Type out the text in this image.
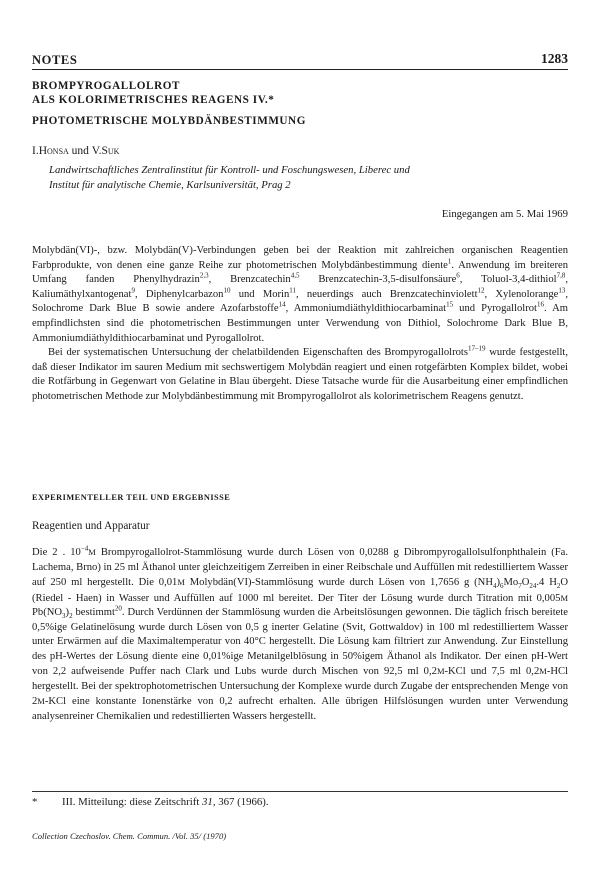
NOTES	1283
BROMPYROGALLOLROT
ALS KOLORIMETRISCHES REAGENS IV.*
PHOTOMETRISCHE MOLYBDÄNBESTIMMUNG
I.Honsa und V.Suk
Landwirtschaftliches Zentralinstitut für Kontroll- und Foschungswesen, Liberec und
Institut für analytische Chemie, Karlsuniversität, Prag 2
Eingegangen am 5. Mai 1969

Molybdän(VI)-, bzw. Molybdän(V)-Verbindungen geben bei der Reaktion mit zahlreichen organischen Reagentien Farbprodukte, von denen eine ganze Reihe zur photometrischen Molybdänbestimmung diente$^1$. Anwendung im breiteren Umfang fanden Phenylhydrazin$^{2,3}$, Brenzcatechin$^{4,5}$ Brenzcatechin-3,5-disulfonsäure$^6$, Toluol-3,4-dithiol$^{7,8}$, Kaliumäthylxantogenat$^9$, Diphenylcarbazon$^{10}$ und Morin$^{11}$, neuerdings auch Brenzcatechinviolett$^{12}$, Xylenolorange$^{13}$, Solochrome Dark Blue B sowie andere Azofarbstoffe$^{14}$, Ammoniumdiäthyldithiocarbaminat$^{15}$ und Pyrogallolrot$^{16}$. Am empfindlichsten sind die photometrischen Bestimmungen unter Verwendung von Dithiol, Solochrome Dark Blue B, Ammoniumdiäthyldithiocarbaminat und Pyrogallolrot.

Bei der systematischen Untersuchung der chelatbildenden Eigenschaften des Brompyrogallolrots$^{17-19}$ wurde festgestellt, daß dieser Indikator im sauren Medium mit sechswertigem Molybdän reagiert und einen rotgefärbten Komplex bildet, wobei die Rotfärbung in Gegenwart von Gelatine in Blau übergeht. Diese Tatsache wurde für die Ausarbeitung einer empfindlichen photometrischen Methode zur Molybdänbestimmung mit Brompyrogallolrot als kolorimetrischem Reagens genutzt.

EXPERIMENTELLER TEIL UND ERGEBNISSE
Reagentien und Apparatur

Die 2 . $10^{-4}M$ Brompyrogallolrot-Stammlösung wurde durch Lösen von 0,0288 g Dibrompyrogallolsulfonphthalein (Fa. Lachema, Brno) in 25 ml Äthanol unter gleichzeitigem Zerreiben in einer Reibschale und Auffüllen mit redestilliertem Wasser auf 250 ml hergestellt. Die 0,01M Molybdän(VI)-Stammlösung wurde durch Lösen von 1,7656 g $(NH_4)_6Mo_7O_{24}.4$ $H_2O$ (Riedel - Haen) in Wasser und Auffüllen auf 1000 ml bereitet. Der Titer der Lösung wurde durch Titration mit 0,005M $Pb(NO_3)_2$ bestimmt$^{20}$. Durch Verdünnen der Stammlösung wurden die Arbeitslösungen gewonnen. Die täglich frisch bereitete 0,5%ige Gelatinelösung wurde durch Lösen von 0,5 g inerter Gelatine (Svit, Gottwaldov) in 100 ml redestilliertem Wasser unter Erwärmen auf die Maximaltemperatur von 40°C hergestellt. Die Lösung kam filtriert zur Anwendung. Zur Einstellung des pH-Wertes der Lösung diente eine 0,01%ige Metanilgelblösung in 50%igem Äthanol als Indikator. Der einen pH-Wert von 2,2 aufweisende Puffer nach Clark und Lubs wurde durch Mischen von 92,5 ml 0,2M-KCl und 7,5 ml 0,2M-HCl hergestellt. Bei der spektrophotometrischen Untersuchung der Komplexe wurde durch Zugabe der entsprechenden Menge von 2M-KCl eine konstante Ionenstärke von 0,2 aufrecht erhalten. Alle übrigen Hilfslösungen wurden unter Verwendung analysenreiner Chemikalien und redestillierten Wassers hergestellt.

* III. Mitteilung: diese Zeitschrift 31, 367 (1966).
Collection Czechoslov. Chem. Commun. /Vol. 35/ (1970)
